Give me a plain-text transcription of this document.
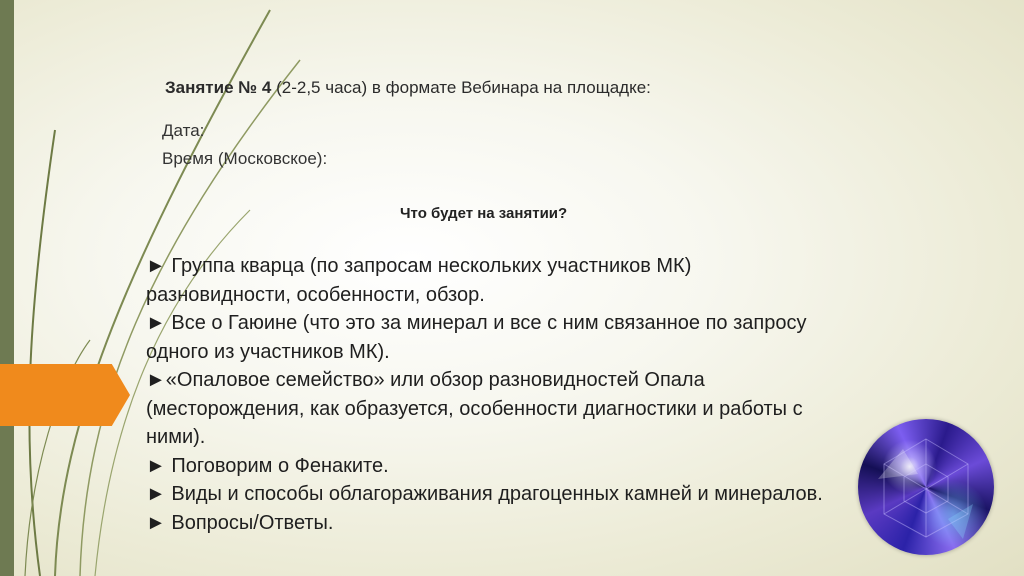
Занятие № 4 (2-2,5 часа) в формате Вебинара на площадке:
Дата:
Время (Московское):
Что будет на занятии?

► Группа кварца (по запросам нескольких участников МК) разновидности, особенности, обзор.

► Все о Гаюине (что это за минерал и все с ним связанное по запросу одного из участников МК).

►«Опаловое семейство» или обзор разновидностей Опала (месторождения, как образуется, особенности диагностики и работы с ними).

► Поговорим о Фенаките.

► Виды и способы облагораживания драгоценных камней и минералов.

► Вопросы/Ответы.
